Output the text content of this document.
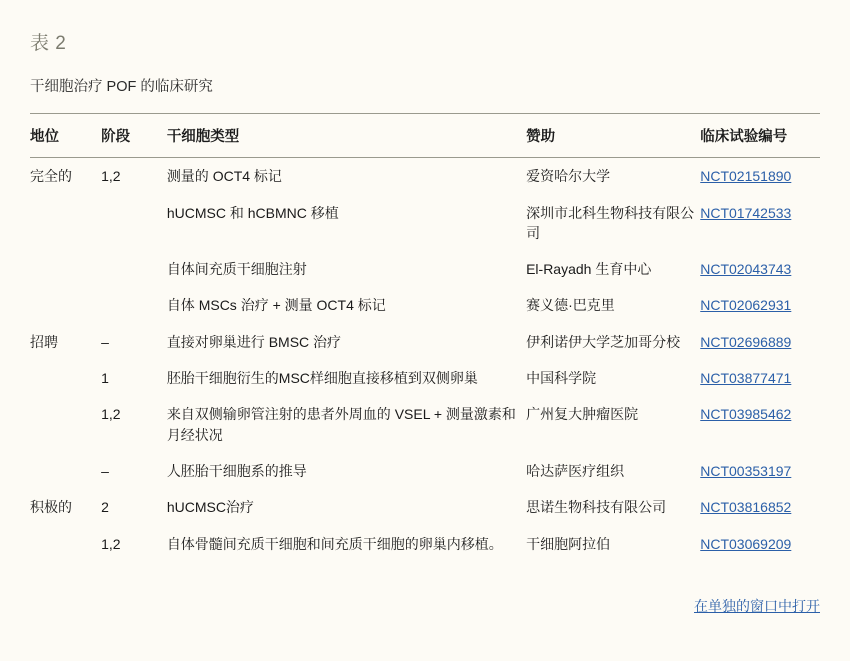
表 2
干细胞治疗 POF 的临床研究
地位	阶段	干细胞类型	赞助	临床试验编号
完全的	1,2	测量的 OCT4 标记	爱资哈尔大学	NCT02151890
		hUCMSC 和 hCBMNC 移植	深圳市北科生物科技有限公司	NCT01742533
		自体间充质干细胞注射	El-Rayadh 生育中心	NCT02043743
		自体 MSCs 治疗 + 测量 OCT4 标记	赛义德·巴克里	NCT02062931
招聘	–	直接对卵巢进行 BMSC 治疗	伊利诺伊大学芝加哥分校	NCT02696889
	1	胚胎干细胞衍生的MSC样细胞直接移植到双侧卵巢	中国科学院	NCT03877471
	1,2	来自双侧输卵管注射的患者外周血的 VSEL + 测量激素和月经状况	广州复大肿瘤医院	NCT03985462
	–	人胚胎干细胞系的推导	哈达萨医疗组织	NCT00353197
积极的	2	hUCMSC治疗	思诺生物科技有限公司	NCT03816852
	1,2	自体骨髓间充质干细胞和间充质干细胞的卵巢内移植。	干细胞阿拉伯	NCT03069209
在单独的窗口中打开
